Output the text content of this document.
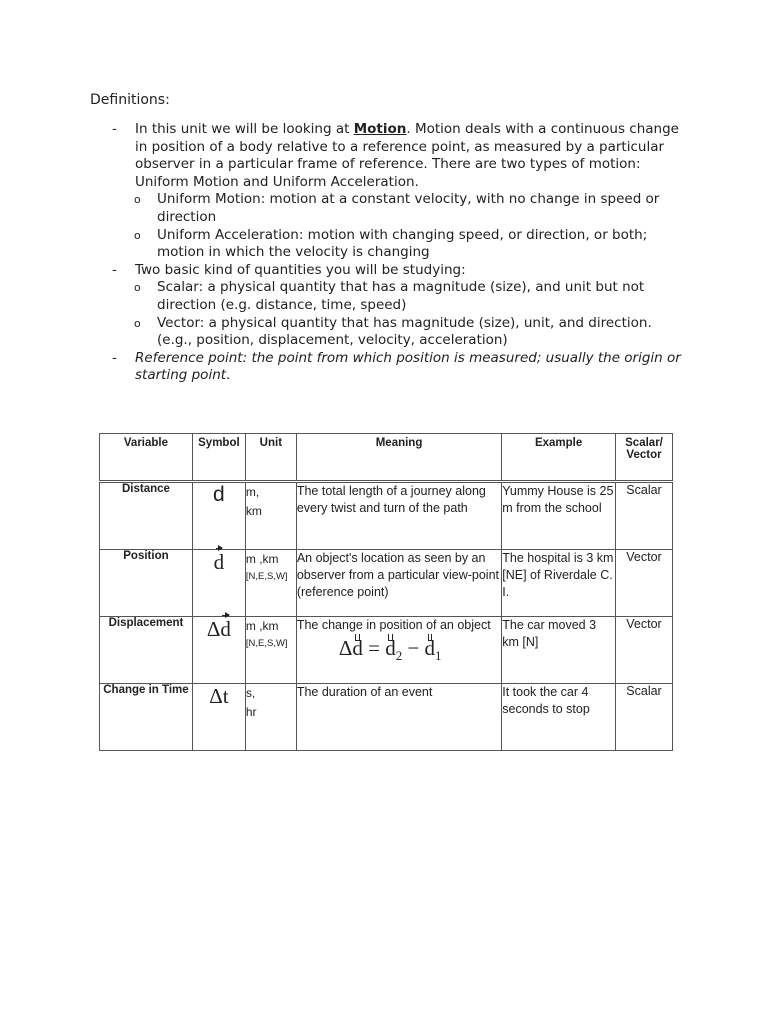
Definitions:
- In this unit we will be looking at Motion. Motion deals with a continuous change in position of a body relative to a reference point, as measured by a particular observer in a particular frame of reference. There are two types of motion: Uniform Motion and Uniform Acceleration.
o Uniform Motion: motion at a constant velocity, with no change in speed or direction
o Uniform Acceleration: motion with changing speed, or direction, or both; motion in which the velocity is changing
- Two basic kind of quantities you will be studying:
o Scalar: a physical quantity that has a magnitude (size), and unit but not direction (e.g. distance, time, speed)
o Vector: a physical quantity that has magnitude (size), unit, and direction. (e.g., position, displacement, velocity, acceleration)
- Reference point: the point from which position is measured; usually the origin or starting point.
Variable	Symbol	Unit	Meaning	Example	Scalar/
Vector
Distance	d	m,
km	The total length of a journey along every twist and turn of the path	Yummy House is 25 m from the school	Scalar
Position	d	m ,km
[N,E,S,W]	An object's location as seen by an observer from a particular view-point (reference point)	The hospital is 3 km [NE] of Riverdale C. I.	Vector
Displacement	Δd	m ,km
[N,E,S,W]	The change in position of an object
$\Delta d = d_2 - d_1$	The car moved 3 km [N]	Vector
Change in Time	Δt	s,
hr	The duration of an event	It took the car 4 seconds to stop	Scalar
